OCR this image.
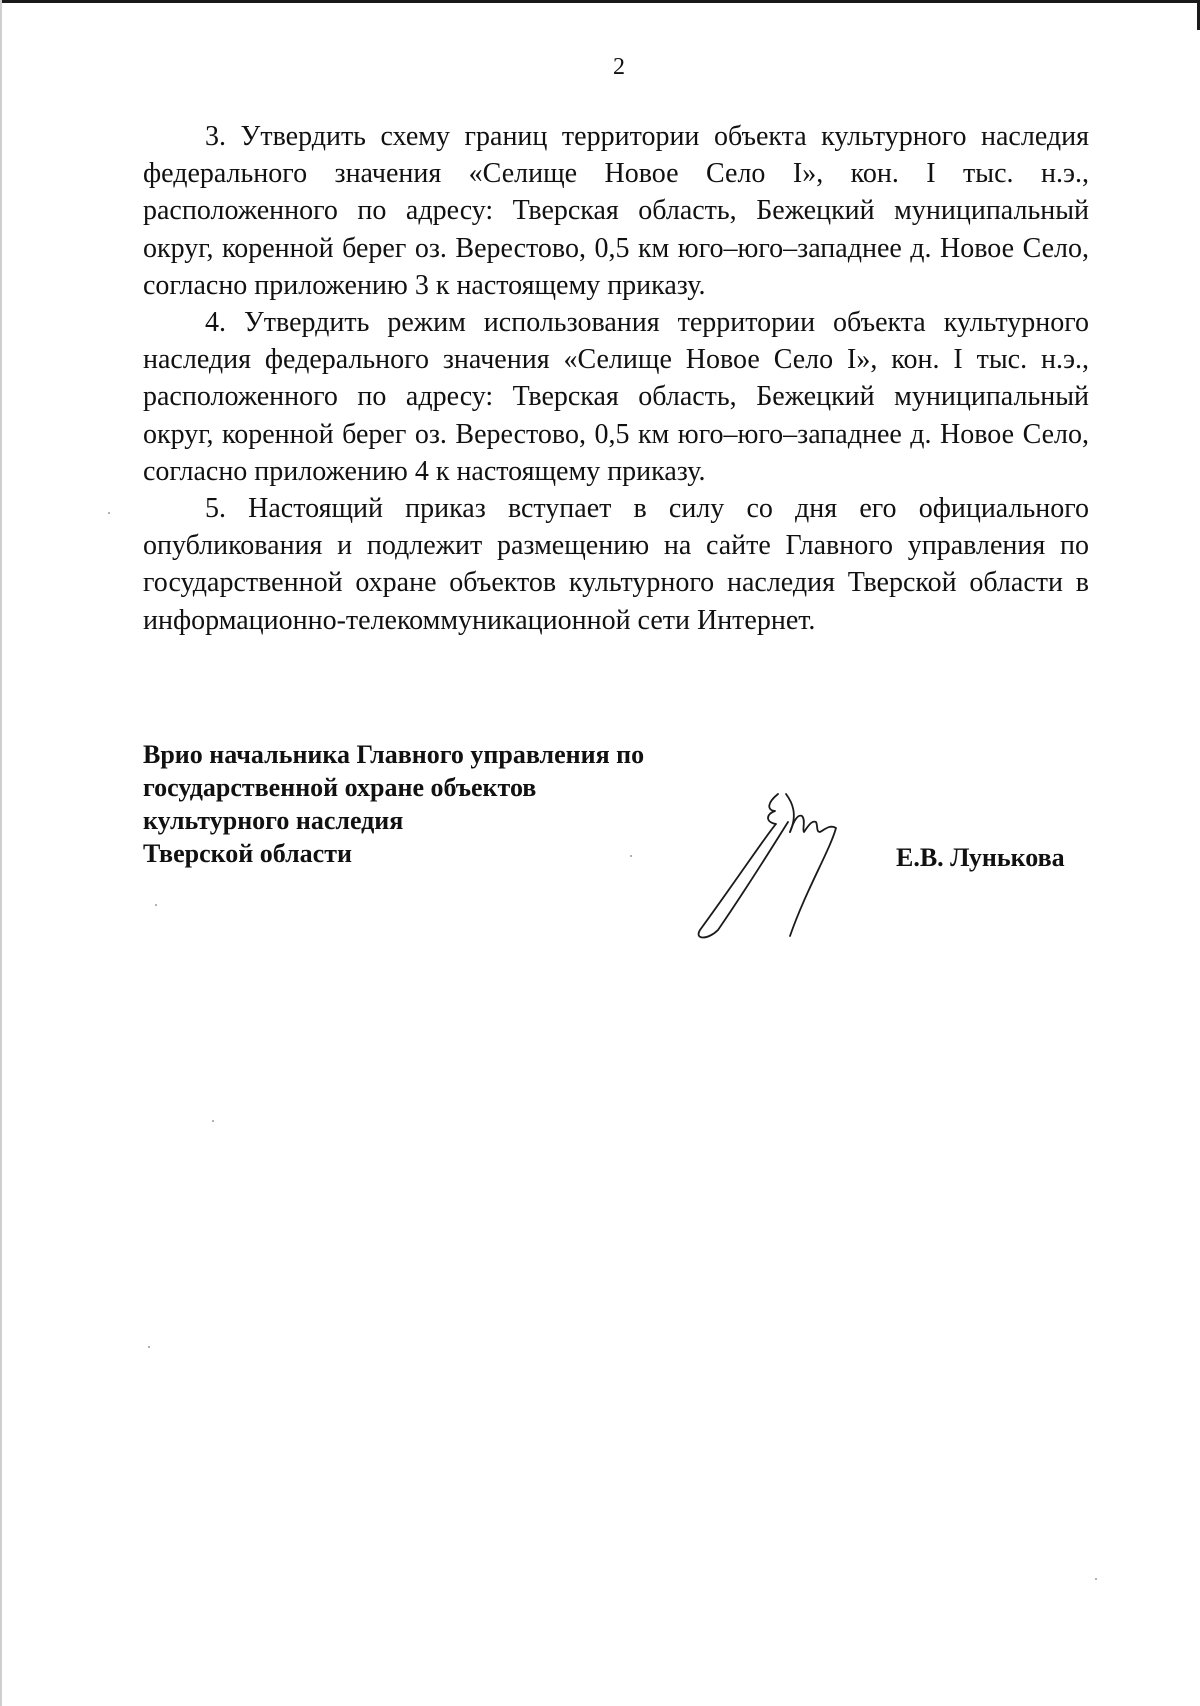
2

3. Утвердить схему границ территории объекта культурного наследия федерального значения «Селище Новое Село I», кон. I тыс. н.э., расположенного по адресу: Тверская область, Бежецкий муниципальный округ, коренной берег оз. Верестово, 0,5 км юго–юго–западнее д. Новое Село, согласно приложению 3 к настоящему приказу.

4. Утвердить режим использования территории объекта культурного наследия федерального значения «Селище Новое Село I», кон. I тыс. н.э., расположенного по адресу: Тверская область, Бежецкий муниципальный округ, коренной берег оз. Верестово, 0,5 км юго–юго–западнее д. Новое Село, согласно приложению 4 к настоящему приказу.

5. Настоящий приказ вступает в силу со дня его официального опубликования и подлежит размещению на сайте Главного управления по государственной охране объектов культурного наследия Тверской области в информационно-телекоммуникационной сети Интернет.

Врио начальника Главного управления по
государственной охране объектов
культурного наследия
Тверской области	Е.В. Лунькова
